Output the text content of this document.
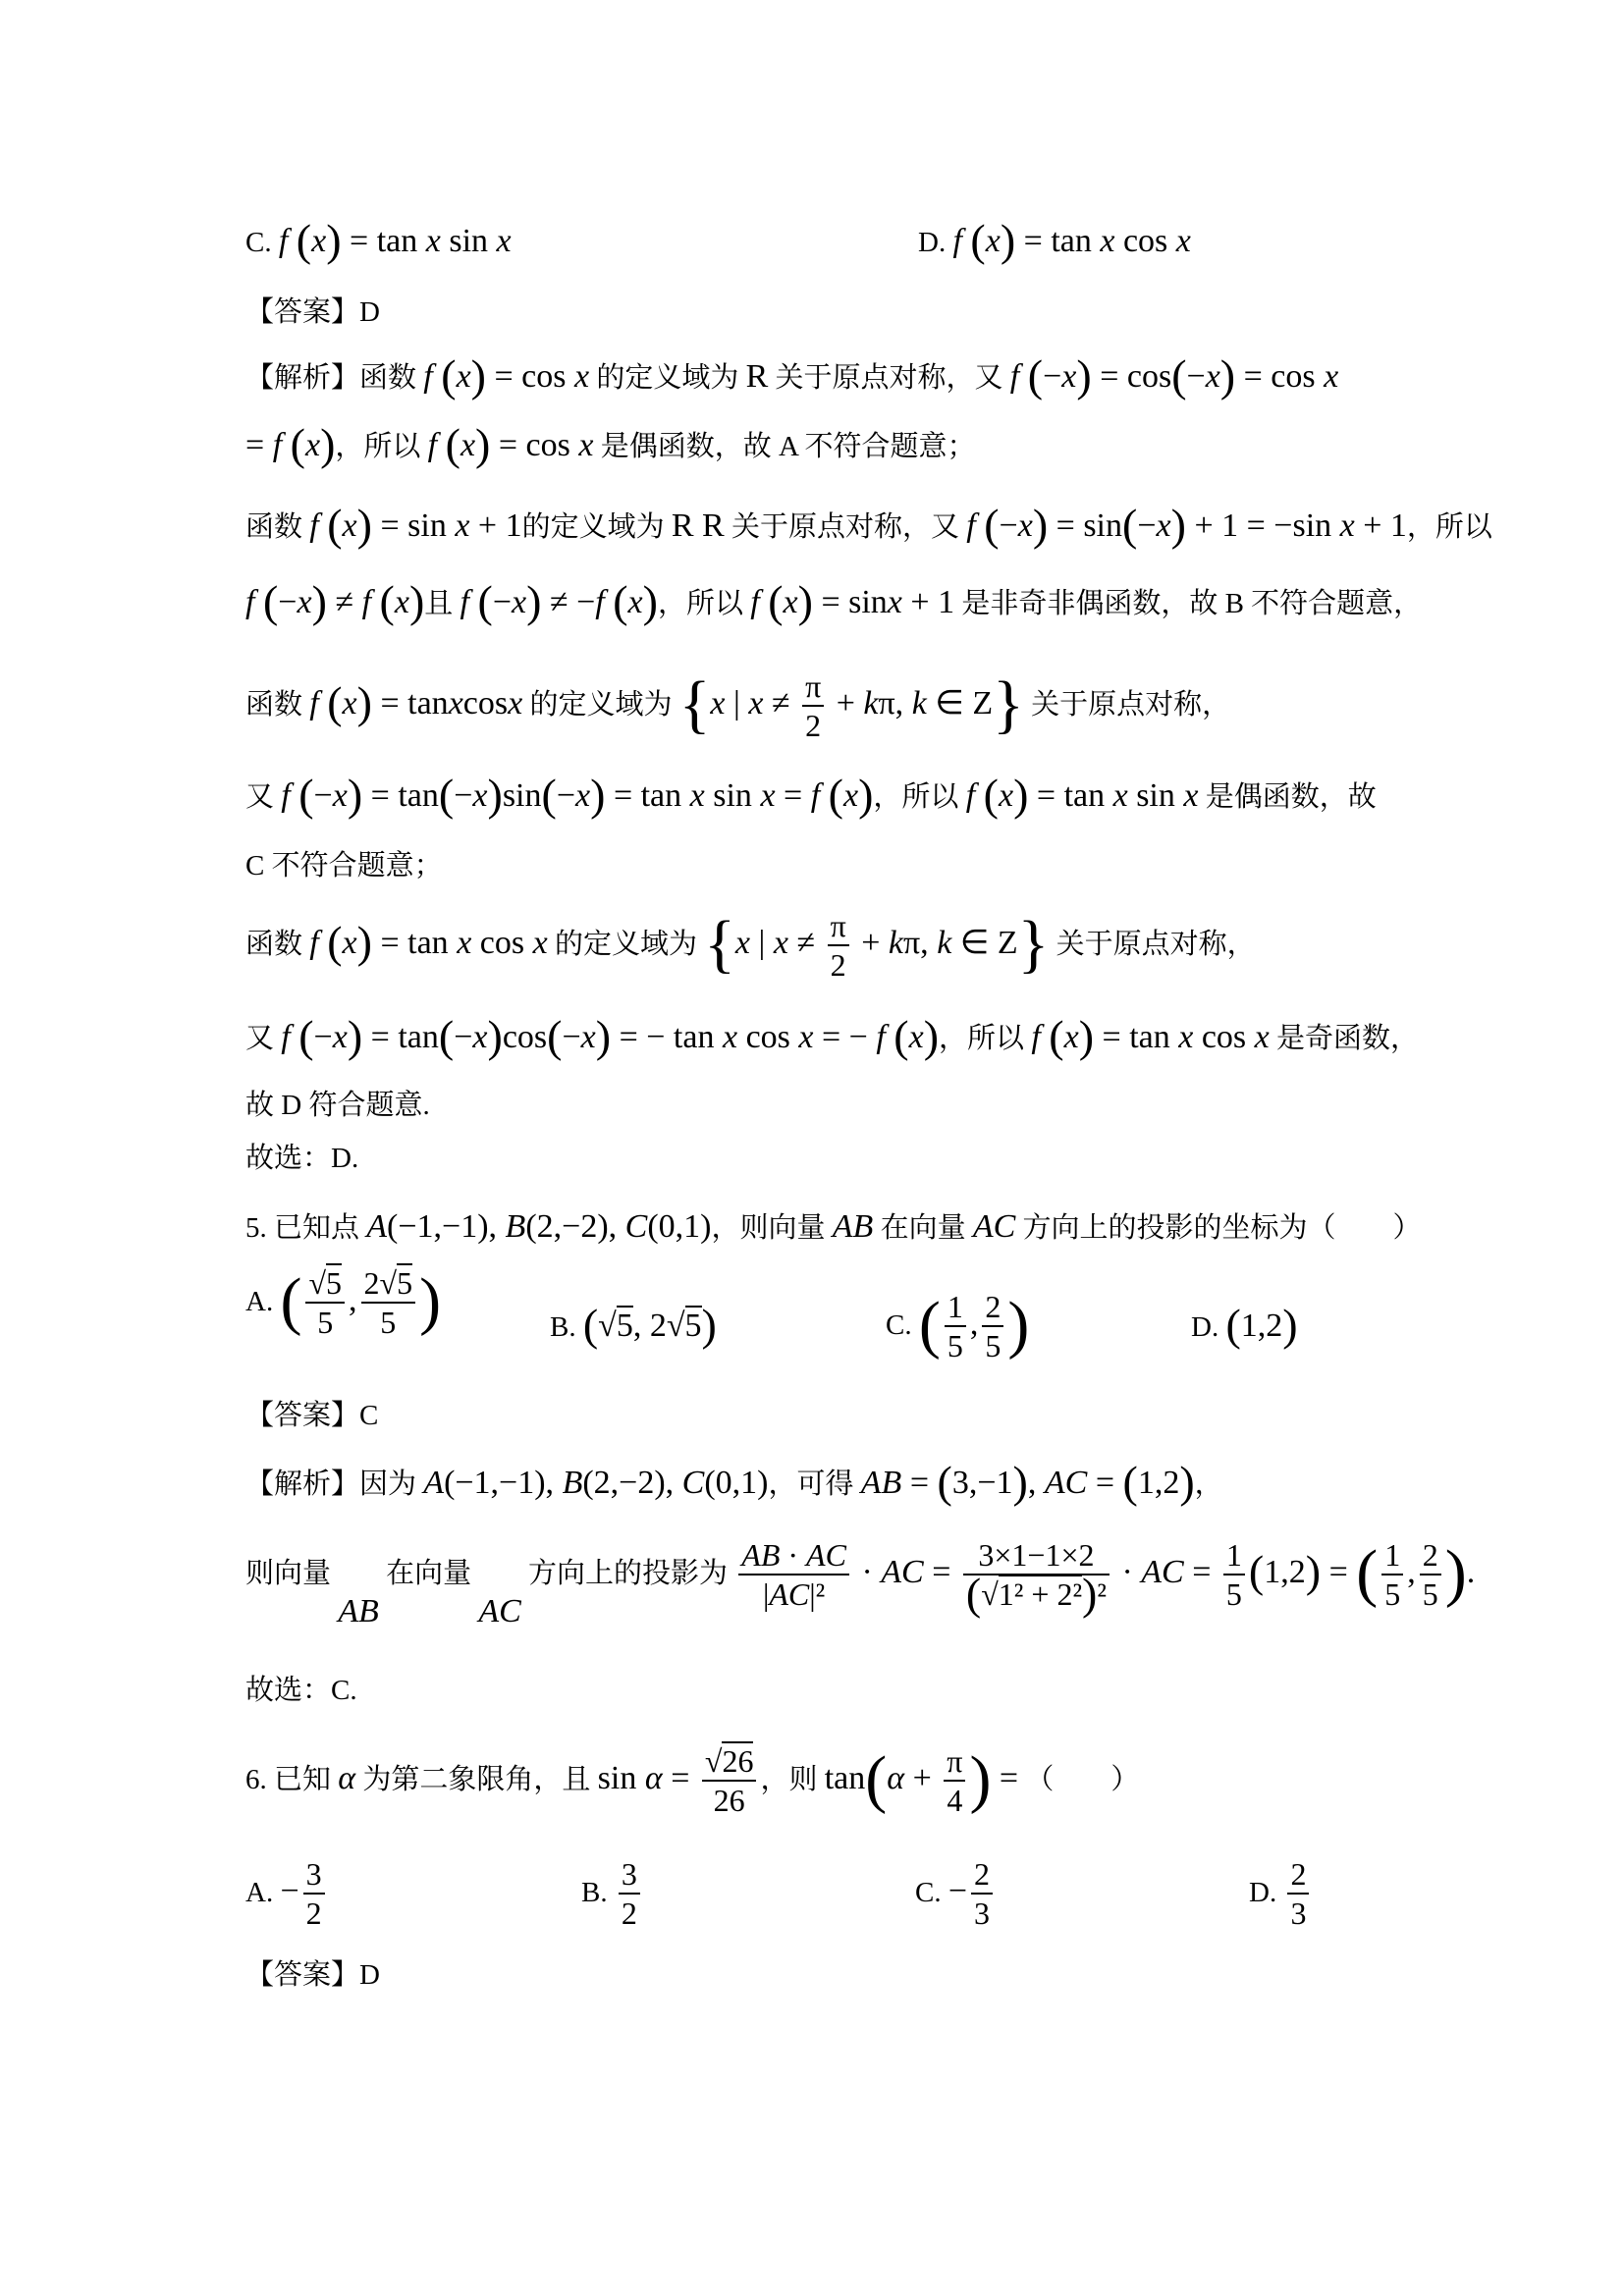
C. f (x) = tan x sin x	D. f (x) = tan x cos x
【答案】D
【解析】函数 f (x) = cos x 的定义域为 R 关于原点对称，又 f (−x) = cos(−x) = cos x
= f (x)，所以 f (x) = cos x 是偶函数，故 A 不符合题意；
函数 f (x) = sin x + 1的定义域为 R R 关于原点对称，又 f (−x) = sin(−x) + 1 = −sin x + 1，所以
f (−x) ≠ f (x)且 f (−x) ≠ −f (x)，所以 f (x) = sinx + 1 是非奇非偶函数，故 B 不符合题意，
函数 f (x) = tanxcosx 的定义域为 {x | $x \ne \frac{\pi}{2} + k\pi$, k ∈ Z} 关于原点对称，
又 f (−x) = tan(−x)sin(−x) = tan x sin x = f (x)，所以 f (x) = tan x sin x 是偶函数，故
C 不符合题意；
函数 f (x) = tan x cos x 的定义域为 {x | $x \ne \frac{\pi}{2} + k\pi$, k ∈ Z} 关于原点对称，
又 f (−x) = tan(−x)cos(−x) = − tan x cos x = − f (x)，所以 f (x) = tan x cos x 是奇函数，
故 D 符合题意.
故选：D.
5. 已知点 A(−1,−1), B(2,−2), C(0,1)，则向量 AB 在向量 AC 方向上的投影的坐标为（　　）
A. ( $\frac{√5}{5}$ , $\frac{2√5}{5}$ )	B. (√5, 2√5)	C. ( $\frac{1}{5}$ , $\frac{2}{5}$ )	D. (1,2)
【答案】C
【解析】因为 A(−1,−1), B(2,−2), C(0,1)，可得 AB = (3,−1), AC = (1,2)，
则向量 AB 在向量 AC 方向上的投影为 $\frac{AB \cdot AC}{\text{|AC|²}}$ · AC = $\frac{3\times 1-1\times 2}{\text{(√1² + 2²)²}}$ · AC = $\frac{1}{5} (1,2)$ = ( $\frac{1}{5}$ , $\frac{2}{5}$ ).
故选：C.
6. 已知 α 为第二象限角，且 $\sin \alpha = \frac{√26}{26}$ ，则 $\tan(\alpha + \frac{\pi}{4}$ ) = （　　）
A. − $\frac{3}{2}$	B. $\frac{3}{2}$	C. − $\frac{2}{3}$	D. $\frac{2}{3}$
【答案】D
